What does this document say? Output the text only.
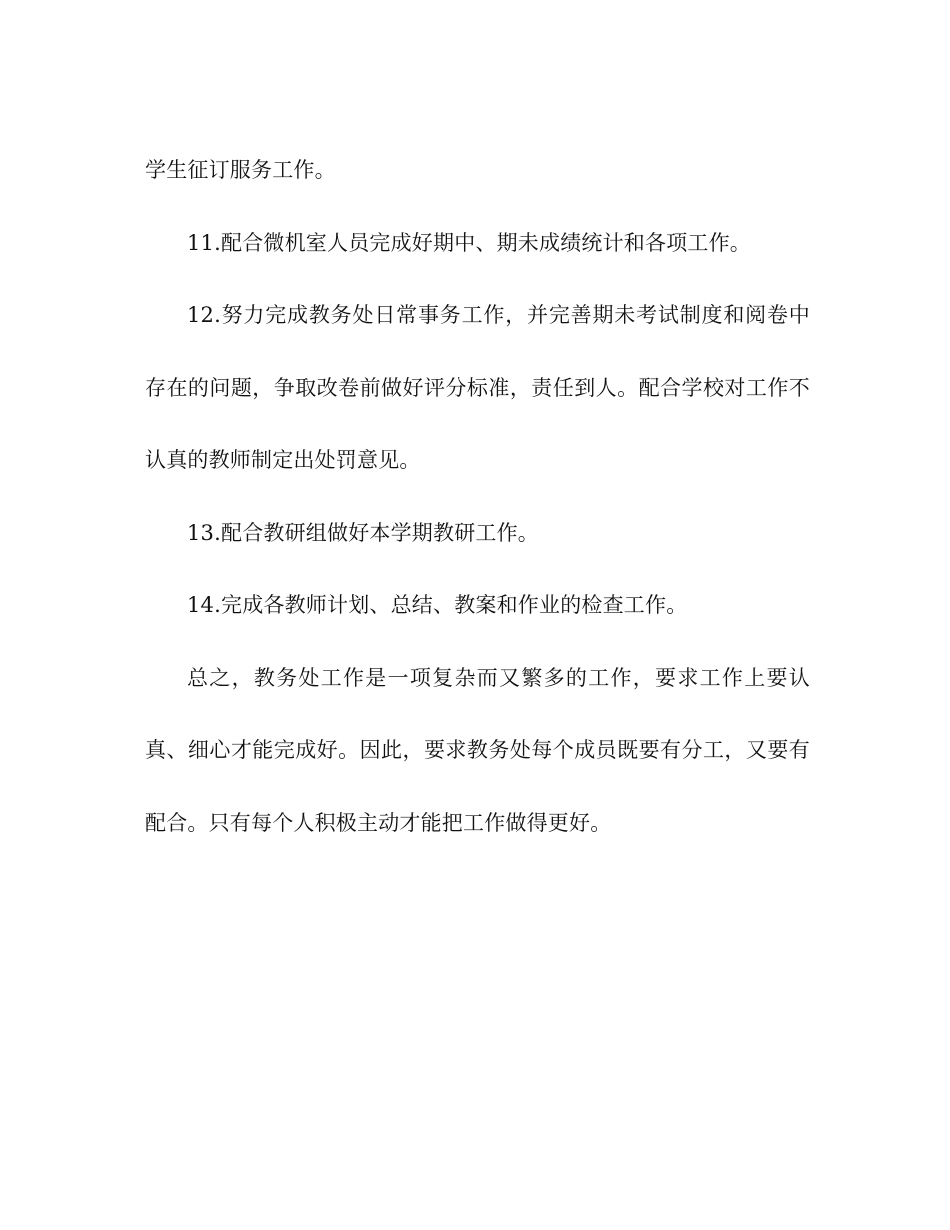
学生征订服务工作。

11.配合微机室人员完成好期中、期未成绩统计和各项工作。

12.努力完成教务处日常事务工作，并完善期未考试制度和阅卷中存在的问题，争取改卷前做好评分标准，责任到人。配合学校对工作不认真的教师制定出处罚意见。

13.配合教研组做好本学期教研工作。

14.完成各教师计划、总结、教案和作业的检查工作。

总之，教务处工作是一项复杂而又繁多的工作，要求工作上要认真、细心才能完成好。因此，要求教务处每个成员既要有分工，又要有配合。只有每个人积极主动才能把工作做得更好。
